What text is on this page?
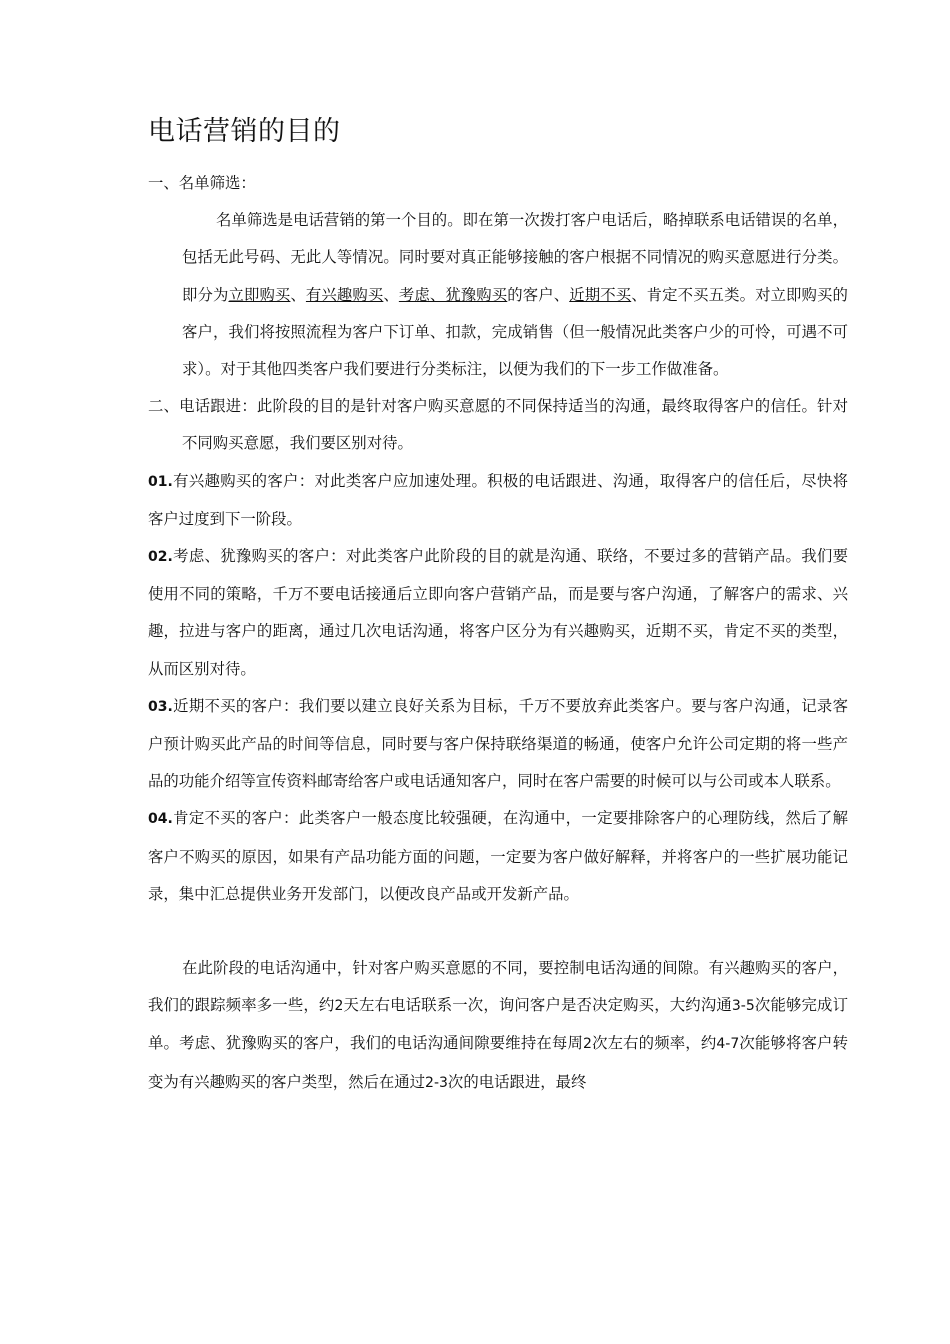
电话营销的目的

一、名单筛选：

名单筛选是电话营销的第一个目的。即在第一次拨打客户电话后，略掉联系电话错误的名单，包括无此号码、无此人等情况。同时要对真正能够接触的客户根据不同情况的购买意愿进行分类。即分为立即购买、有兴趣购买、考虑、犹豫购买的客户、近期不买、肯定不买五类。对立即购买的客户，我们将按照流程为客户下订单、扣款，完成销售（但一般情况此类客户少的可怜，可遇不可求）。对于其他四类客户我们要进行分类标注，以便为我们的下一步工作做准备。

二、电话跟进：此阶段的目的是针对客户购买意愿的不同保持适当的沟通，最终取得客户的信任。针对不同购买意愿，我们要区别对待。

01.有兴趣购买的客户：对此类客户应加速处理。积极的电话跟进、沟通，取得客户的信任后，尽快将客户过度到下一阶段。

02.考虑、犹豫购买的客户：对此类客户此阶段的目的就是沟通、联络，不要过多的营销产品。我们要使用不同的策略，千万不要电话接通后立即向客户营销产品，而是要与客户沟通，了解客户的需求、兴趣，拉进与客户的距离，通过几次电话沟通，将客户区分为有兴趣购买，近期不买，肯定不买的类型，从而区别对待。

03.近期不买的客户：我们要以建立良好关系为目标，千万不要放弃此类客户。要与客户沟通，记录客户预计购买此产品的时间等信息，同时要与客户保持联络渠道的畅通，使客户允许公司定期的将一些产品的功能介绍等宣传资料邮寄给客户或电话通知客户，同时在客户需要的时候可以与公司或本人联系。

04.肯定不买的客户：此类客户一般态度比较强硬，在沟通中，一定要排除客户的心理防线，然后了解客户不购买的原因，如果有产品功能方面的问题，一定要为客户做好解释，并将客户的一些扩展功能记录，集中汇总提供业务开发部门，以便改良产品或开发新产品。

在此阶段的电话沟通中，针对客户购买意愿的不同，要控制电话沟通的间隙。有兴趣购买的客户，我们的跟踪频率多一些，约2天左右电话联系一次，询问客户是否决定购买，大约沟通3-5次能够完成订单。考虑、犹豫购买的客户，我们的电话沟通间隙要维持在每周2次左右的频率，约4-7次能够将客户转变为有兴趣购买的客户类型，然后在通过2-3次的电话跟进，最终
